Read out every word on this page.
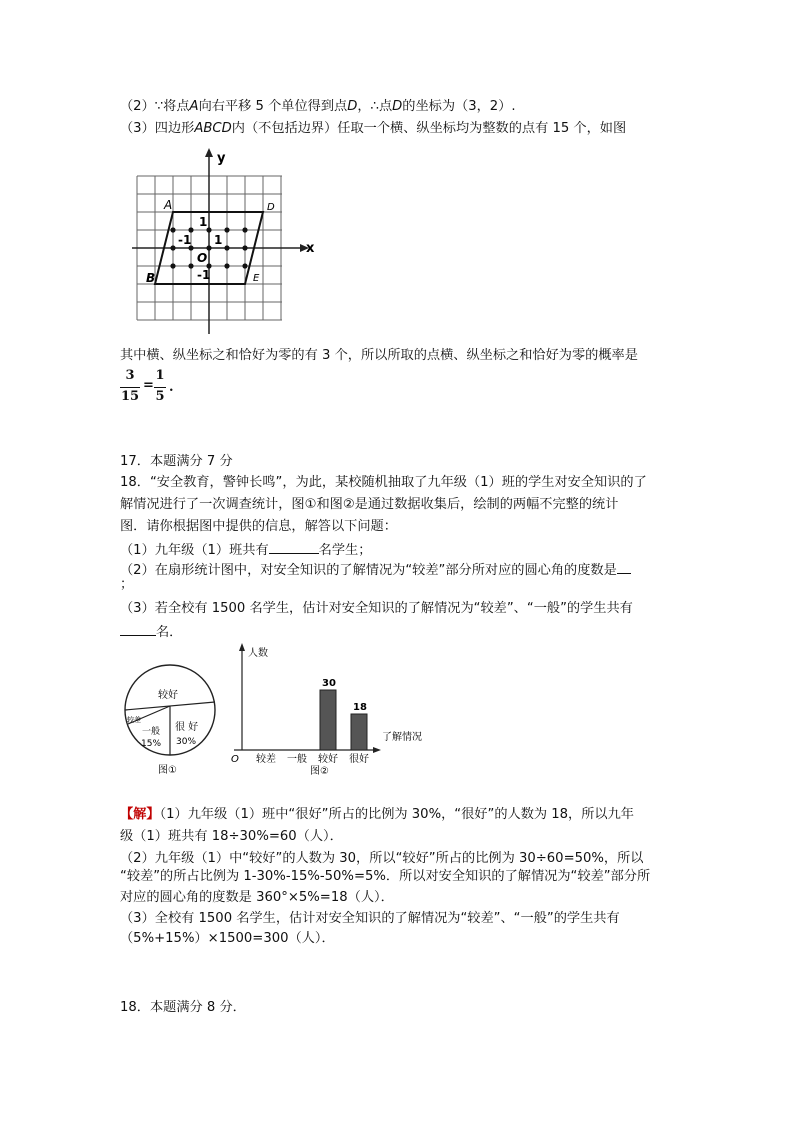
（2）∵将点A向右平移 5 个单位得到点D，∴点D的坐标为（3，2）.
（3）四边形ABCD内（不包括边界）任取一个横、纵坐标均为整数的点有 15 个，如图
y
x
A
B
D
E
O
1
1
-1
-1
其中横、纵坐标之和恰好为零的有 3 个，所以所取的点横、纵坐标之和恰好为零的概率是
3
15
=
1
5
.
17．本题满分 7 分
18．“安全教育，警钟长鸣”，为此，某校随机抽取了九年级（1）班的学生对安全知识的了
解情况进行了一次调查统计，图①和图②是通过数据收集后，绘制的两幅不完整的统计
图．请你根据图中提供的信息，解答以下问题：
（1）九年级（1）班共有	名学生；
（2）在扇形统计图中，对安全知识的了解情况为“较差”部分所对应的圆心角的度数是
；
（3）若全校有 1500 名学生，估计对安全知识的了解情况为“较差”、“一般”的学生共有
名．
较好
较差
一般
15%
很 好
30%
图①
人数
了解情况
O 较差 一般 较好 很好
30
18
图②
【解】（1）九年级（1）班中“很好”所占的比例为 30%，“很好”的人数为 18，所以九年
级（1）班共有 18÷30%=60（人）．
（2）九年级（1）中“较好”的人数为 30，所以“较好”所占的比例为 30÷60=50%，所以
“较差”的所占比例为 1-30%-15%-50%=5%．所以对安全知识的了解情况为“较差”部分所
对应的圆心角的度数是 360°×5%=18（人）．
（3）全校有 1500 名学生，估计对安全知识的了解情况为“较差”、“一般”的学生共有
（5%+15%）×1500=300（人）．
18．本题满分 8 分．
